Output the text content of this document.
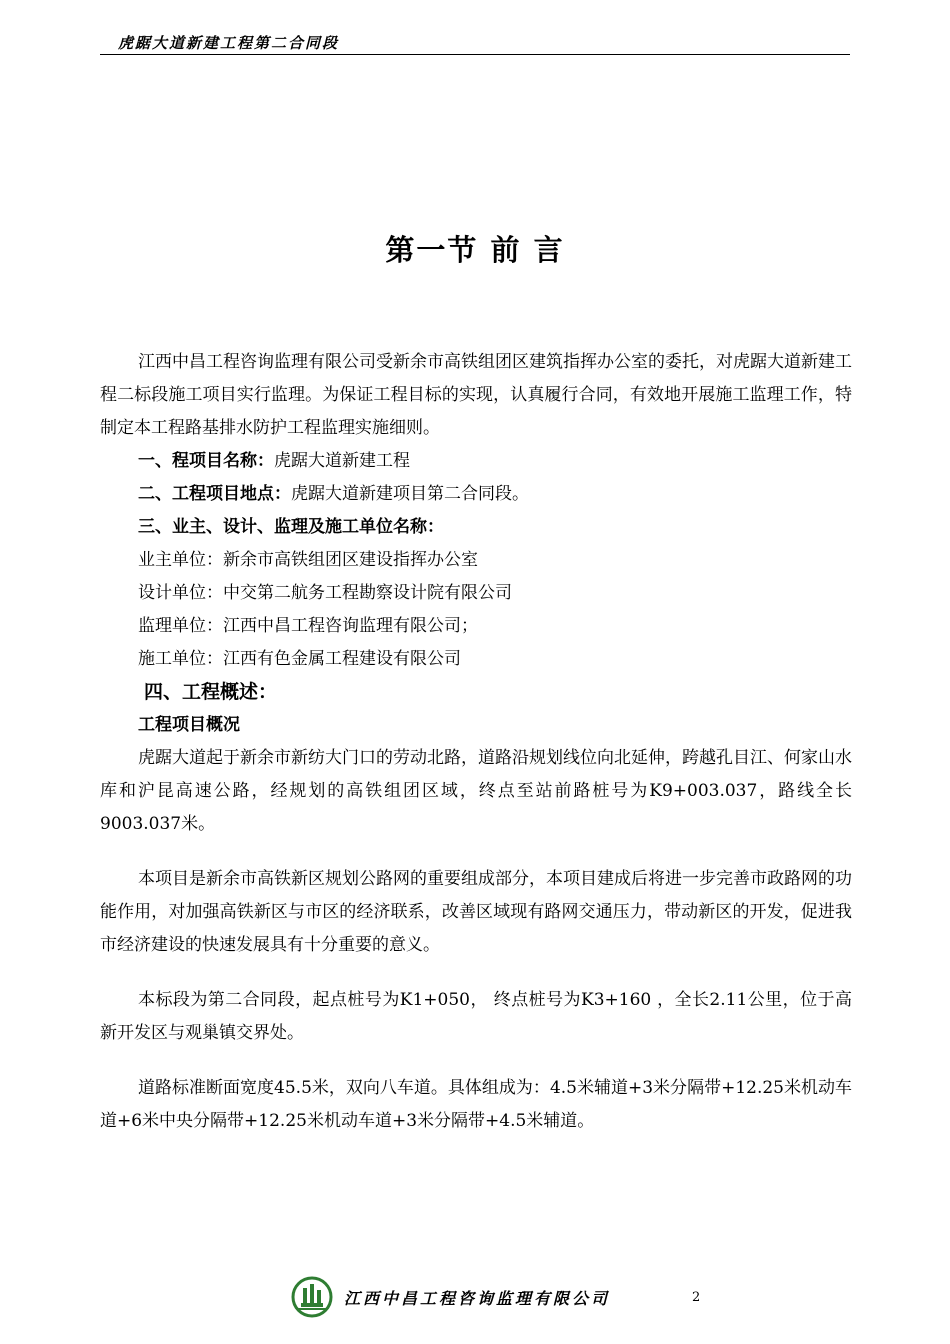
虎踞大道新建工程第二合同段
第一节 前 言

江西中昌工程咨询监理有限公司受新余市高铁组团区建筑指挥办公室的委托，对虎踞大道新建工程二标段施工项目实行监理。为保证工程目标的实现，认真履行合同，有效地开展施工监理工作，特制定本工程路基排水防护工程监理实施细则。

一、程项目名称：虎踞大道新建工程

二、工程项目地点：虎踞大道新建项目第二合同段。

三、业主、设计、监理及施工单位名称：

业主单位：新余市高铁组团区建设指挥办公室

设计单位：中交第二航务工程勘察设计院有限公司

监理单位：江西中昌工程咨询监理有限公司；

施工单位：江西有色金属工程建设有限公司

四、工程概述：

工程项目概况

虎踞大道起于新余市新纺大门口的劳动北路，道路沿规划线位向北延伸，跨越孔目江、何家山水库和沪昆高速公路，经规划的高铁组团区域，终点至站前路桩号为K9+003.037，路线全长9003.037米。

本项目是新余市高铁新区规划公路网的重要组成部分，本项目建成后将进一步完善市政路网的功能作用，对加强高铁新区与市区的经济联系，改善区域现有路网交通压力，带动新区的开发，促进我市经济建设的快速发展具有十分重要的意义。

本标段为第二合同段，起点桩号为K1+050， 终点桩号为K3+160 ，全长2.11公里，位于高新开发区与观巢镇交界处。

道路标准断面宽度45.5米，双向八车道。具体组成为：4.5米辅道+3米分隔带+12.25米机动车道+6米中央分隔带+12.25米机动车道+3米分隔带+4.5米辅道。

江西中昌工程咨询监理有限公司	2
